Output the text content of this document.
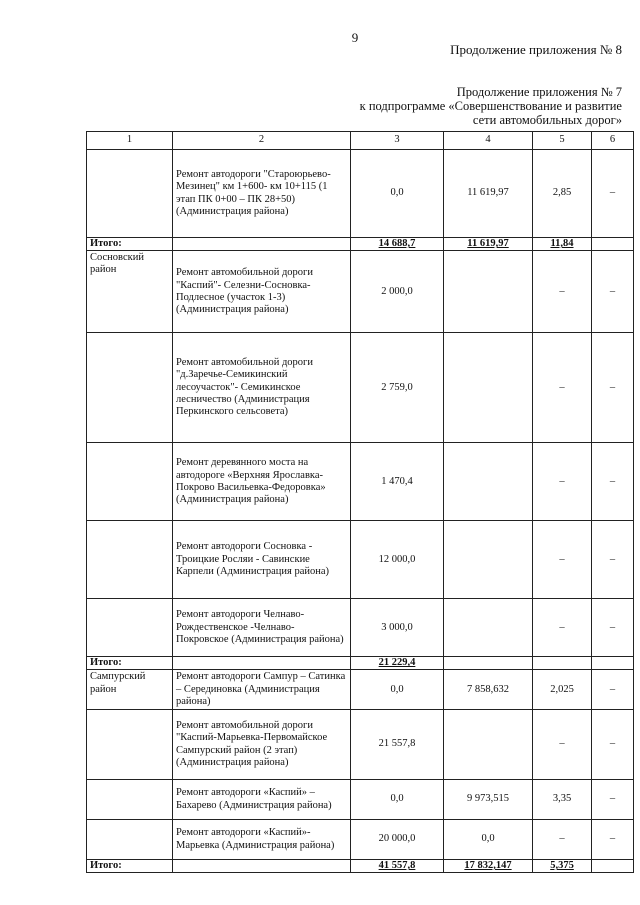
9
Продолжение приложения № 8
Продолжение приложения № 7
к подпрограмме «Совершенствование и развитие
сети автомобильных дорог»
1	2	3	4	5	6
	Ремонт автодороги "Староюрьево-Мезинец" км 1+600- км 10+115 (1 этап ПК 0+00 – ПК 28+50) (Администрация района)	0,0	11 619,97	2,85	–
Итого:		14 688,7	11 619,97	11,84	
Сосновский район	Ремонт автомобильной дороги "Каспий"- Селезни-Сосновка-Подлесное (участок 1-3) (Администрация района)	2 000,0		–	–
	Ремонт автомобильной дороги "д.Заречье-Семикинский лесоучасток"- Семикинское лесничество (Администрация Перкинского сельсовета)	2 759,0		–	–
	Ремонт деревянного моста на автодороге «Верхняя Ярославка-Покрово Васильевка-Федоровка» (Администрация района)	1 470,4		–	–
	Ремонт автодороги Сосновка - Троицкие Росляи - Савинские Карпели (Администрация района)	12 000,0		–	–
	Ремонт автодороги Челнаво- Рождественское -Челнаво-Покровское (Администрация района)	3 000,0		–	–
Итого:		21 229,4			
Сампурский район	Ремонт автодороги Сампур – Сатинка – Серединовка (Администрация района)	0,0	7 858,632	2,025	–
	Ремонт автомобильной дороги "Каспий-Марьевка-Первомайское Сампурский район (2 этап) (Администрация района)	21 557,8		–	–
	Ремонт автодороги «Каспий» – Бахарево (Администрация района)	0,0	9 973,515	3,35	–
	Ремонт автодороги «Каспий»- Марьевка (Администрация района)	20 000,0	0,0	–	–
Итого:		41 557,8	17 832,147	5,375	
